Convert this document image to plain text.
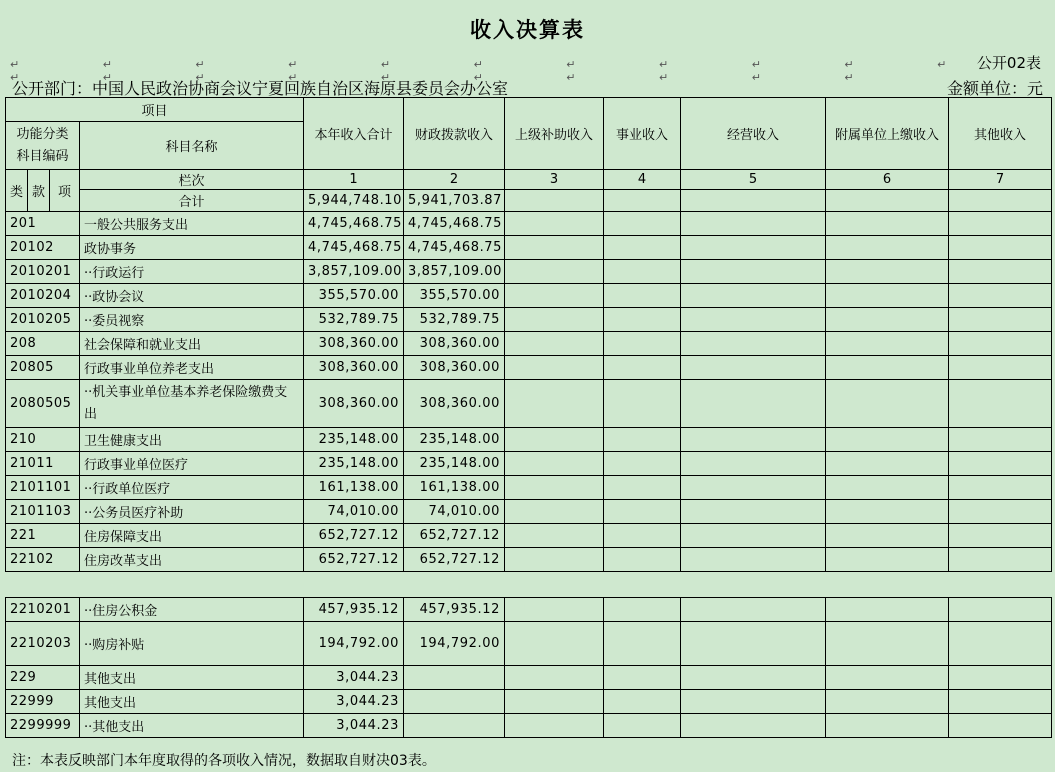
收入决算表
↵ ↵ ↵ ↵ ↵ ↵ ↵ ↵ ↵ ↵ ↵ ↵ ↵ ↵ ↵ ↵ ↵ ↵ ↵ ↵ ↵
公开02表
公开部门：中国人民政治协商会议宁夏回族自治区海原县委员会办公室	金额单位：元
项目				本年收入合计	财政拨款收入	上级补助收入	事业收入	经营收入	附属单位上缴收入	其他收入
功能分类
科目编码			科目名称							

类	款	项	栏次	1	2	3	4	5	6	7
			合计	5,944,748.10	5,941,703.87					
201			一般公共服务支出	4,745,468.75	4,745,468.75					
20102			政协事务	4,745,468.75	4,745,468.75					
2010201			··行政运行	3,857,109.00	3,857,109.00					
2010204			··政协会议	355,570.00	355,570.00					
2010205			··委员视察	532,789.75	532,789.75					
208			社会保障和就业支出	308,360.00	308,360.00					
20805			行政事业单位养老支出	308,360.00	308,360.00					
2080505			··机关事业单位基本养老保险缴费支出	308,360.00	308,360.00					
210			卫生健康支出	235,148.00	235,148.00					
21011			行政事业单位医疗	235,148.00	235,148.00					
2101101			··行政单位医疗	161,138.00	161,138.00					
2101103			··公务员医疗补助	74,010.00	74,010.00					
221			住房保障支出	652,727.12	652,727.12					
22102			住房改革支出	652,727.12	652,727.12					
2210201	··住房公积金	457,935.12	457,935.12					
2210203	··购房补贴	194,792.00	194,792.00					
229	其他支出	3,044.23						
22999	其他支出	3,044.23						
2299999	··其他支出	3,044.23						
注：本表反映部门本年度取得的各项收入情况，数据取自财决03表。
